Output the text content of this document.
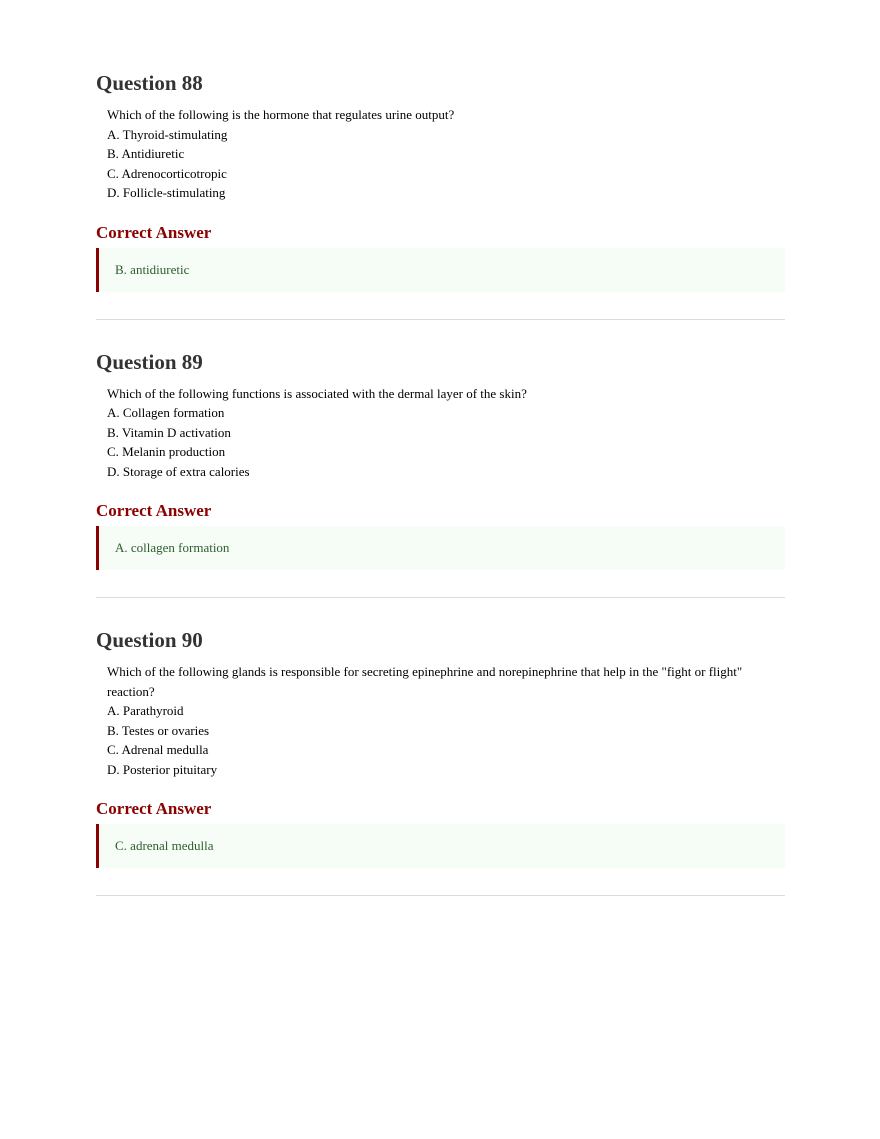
Question 88

Which of the following is the hormone that regulates urine output?

A. Thyroid-stimulating

B. Antidiuretic

C. Adrenocorticotropic

D. Follicle-stimulating

Correct Answer
B. antidiuretic
Question 89

Which of the following functions is associated with the dermal layer of the skin?

A. Collagen formation

B. Vitamin D activation

C. Melanin production

D. Storage of extra calories

Correct Answer
A. collagen formation
Question 90

Which of the following glands is responsible for secreting epinephrine and norepinephrine that help in the "fight or flight" reaction?

A. Parathyroid

B. Testes or ovaries

C. Adrenal medulla

D. Posterior pituitary

Correct Answer
C. adrenal medulla
